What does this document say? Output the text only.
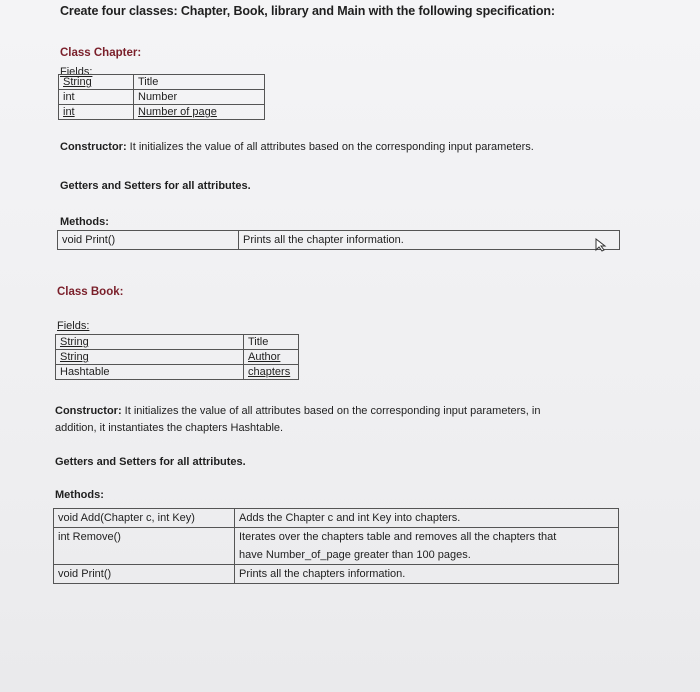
Create four classes: Chapter, Book, library and Main with the following specification:
Class Chapter:
Fields:
String	Title
int	Number
int	Number of page
Constructor: It initializes the value of all attributes based on the corresponding input parameters.
Getters and Setters for all attributes.
Methods:
void Print()	Prints all the chapter information.
Class Book:
Fields:
String	Title
String	Author
Hashtable	chapters
Constructor: It initializes the value of all attributes based on the corresponding input parameters, in
addition, it instantiates the chapters Hashtable.
Getters and Setters for all attributes.
Methods:
void Add(Chapter c, int Key)	Adds the Chapter c and int Key into chapters.
int Remove()	Iterates over the chapters table and removes all the chapters that
have Number_of_page greater than 100 pages.

void Print()	Prints all the chapters information.
